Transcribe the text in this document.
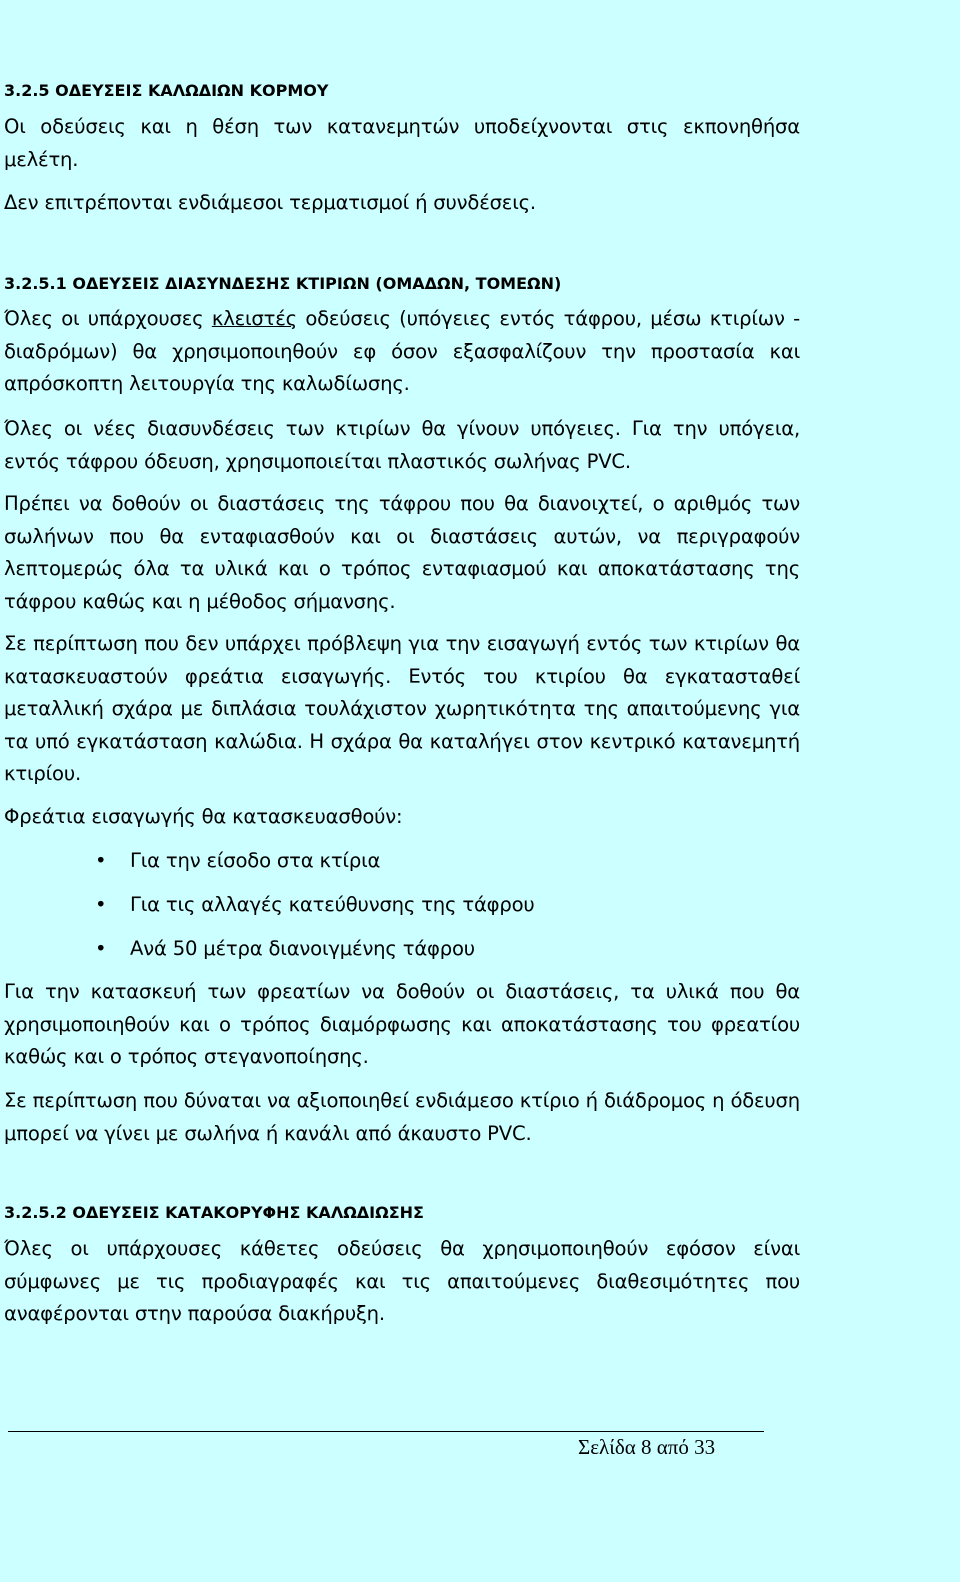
3.2.5 ΟΔΕΥΣΕΙΣ ΚΑΛΩΔΙΩΝ ΚΟΡΜΟΥ
Οι οδεύσεις και η θέση των κατανεμητών υποδείχνονται στις εκπονηθήσα μελέτη.
Δεν επιτρέπονται ενδιάμεσοι τερματισμοί ή συνδέσεις.
3.2.5.1 ΟΔΕΥΣΕΙΣ ΔΙΑΣΥΝΔΕΣΗΣ ΚΤΙΡΙΩΝ (ΟΜΑΔΩΝ, ΤΟΜΕΩΝ)
Όλες οι υπάρχουσες κλειστές οδεύσεις (υπόγειες εντός τάφρου, μέσω κτιρίων - διαδρόμων) θα χρησιμοποιηθούν εφ όσον εξασφαλίζουν την προστασία και απρόσκοπτη λειτουργία της καλωδίωσης.
Όλες οι νέες διασυνδέσεις των κτιρίων θα γίνουν υπόγειες. Για την υπόγεια, εντός τάφρου όδευση, χρησιμοποιείται πλαστικός σωλήνας PVC.
Πρέπει να δοθούν οι διαστάσεις της τάφρου που θα διανοιχτεί, ο αριθμός των σωλήνων που θα ενταφιασθούν και οι διαστάσεις αυτών, να περιγραφούν λεπτομερώς όλα τα υλικά και ο τρόπος ενταφιασμού και αποκατάστασης της τάφρου καθώς και η μέθοδος σήμανσης.
Σε περίπτωση που δεν υπάρχει πρόβλεψη για την εισαγωγή εντός των κτιρίων θα κατασκευαστούν φρεάτια εισαγωγής. Εντός του κτιρίου θα εγκατασταθεί μεταλλική σχάρα με διπλάσια τουλάχιστον χωρητικότητα της απαιτούμενης για τα υπό εγκατάσταση καλώδια. Η σχάρα θα καταλήγει στον κεντρικό κατανεμητή κτιρίου.
Φρεάτια εισαγωγής θα κατασκευασθούν:
•	Για την είσοδο στα κτίρια
•	Για τις αλλαγές κατεύθυνσης της τάφρου
•	Ανά 50 μέτρα διανοιγμένης τάφρου
Για την κατασκευή των φρεατίων να δοθούν οι διαστάσεις, τα υλικά που θα χρησιμοποιηθούν και ο τρόπος διαμόρφωσης και αποκατάστασης του φρεατίου καθώς και ο τρόπος στεγανοποίησης.
Σε περίπτωση που δύναται να αξιοποιηθεί ενδιάμεσο κτίριο ή διάδρομος η όδευση μπορεί να γίνει με σωλήνα ή κανάλι από άκαυστο PVC.
3.2.5.2 ΟΔΕΥΣΕΙΣ ΚΑΤΑΚΟΡΥΦΗΣ ΚΑΛΩΔΙΩΣΗΣ
Όλες οι υπάρχουσες κάθετες οδεύσεις θα χρησιμοποιηθούν εφόσον είναι σύμφωνες με τις προδιαγραφές και τις απαιτούμενες διαθεσιμότητες που αναφέρονται στην παρούσα διακήρυξη.
Σελίδα 8 από 33
